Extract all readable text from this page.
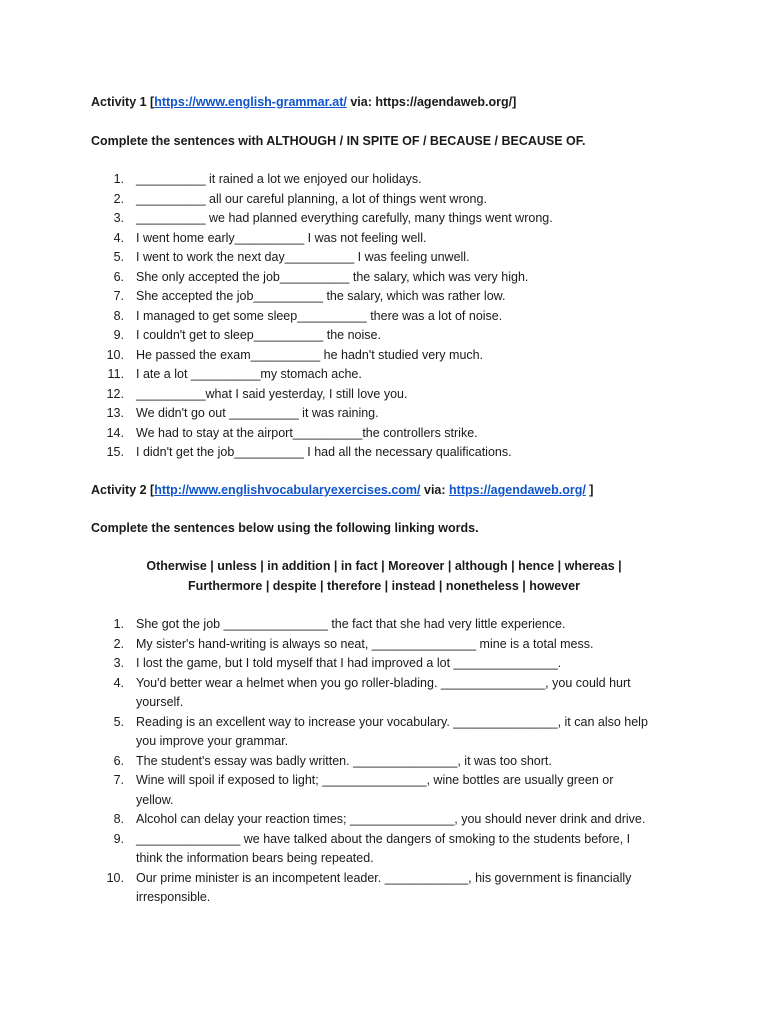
Activity 1 [https://www.english-grammar.at/ via: https://agendaweb.org/]
Complete the sentences with ALTHOUGH / IN SPITE OF / BECAUSE / BECAUSE OF.
1. __________ it rained a lot we enjoyed our holidays.
2. __________ all our careful planning, a lot of things went wrong.
3. __________ we had planned everything carefully, many things went wrong.
4. I went home early__________ I was not feeling well.
5. I went to work the next day__________ I was feeling unwell.
6. She only accepted the job__________ the salary, which was very high.
7. She accepted the job__________ the salary, which was rather low.
8. I managed to get some sleep__________ there was a lot of noise.
9. I couldn't get to sleep__________ the noise.
10. He passed the exam__________ he hadn't studied very much.
11. I ate a lot __________my stomach ache.
12. __________what I said yesterday, I still love you.
13. We didn't go out __________ it was raining.
14. We had to stay at the airport__________the controllers strike.
15. I didn't get the job__________ I had all the necessary qualifications.
Activity 2 [http://www.englishvocabularyexercises.com/ via: https://agendaweb.org/ ]
Complete the sentences below using the following linking words.
Otherwise | unless | in addition | in fact | Moreover | although | hence | whereas |
Furthermore | despite | therefore | instead | nonetheless | however
1. She got the job _______________ the fact that she had very little experience.
2. My sister's hand-writing is always so neat, _______________ mine is a total mess.
3. I lost the game, but I told myself that I had improved a lot _______________.
4. You'd better wear a helmet when you go roller-blading. _______________, you could hurt yourself.
5. Reading is an excellent way to increase your vocabulary. _______________, it can also help you improve your grammar.
6. The student's essay was badly written. _______________, it was too short.
7. Wine will spoil if exposed to light; _______________, wine bottles are usually green or yellow.
8. Alcohol can delay your reaction times; _______________, you should never drink and drive.
9. _______________ we have talked about the dangers of smoking to the students before, I think the information bears being repeated.
10. Our prime minister is an incompetent leader. ____________, his government is financially irresponsible.
